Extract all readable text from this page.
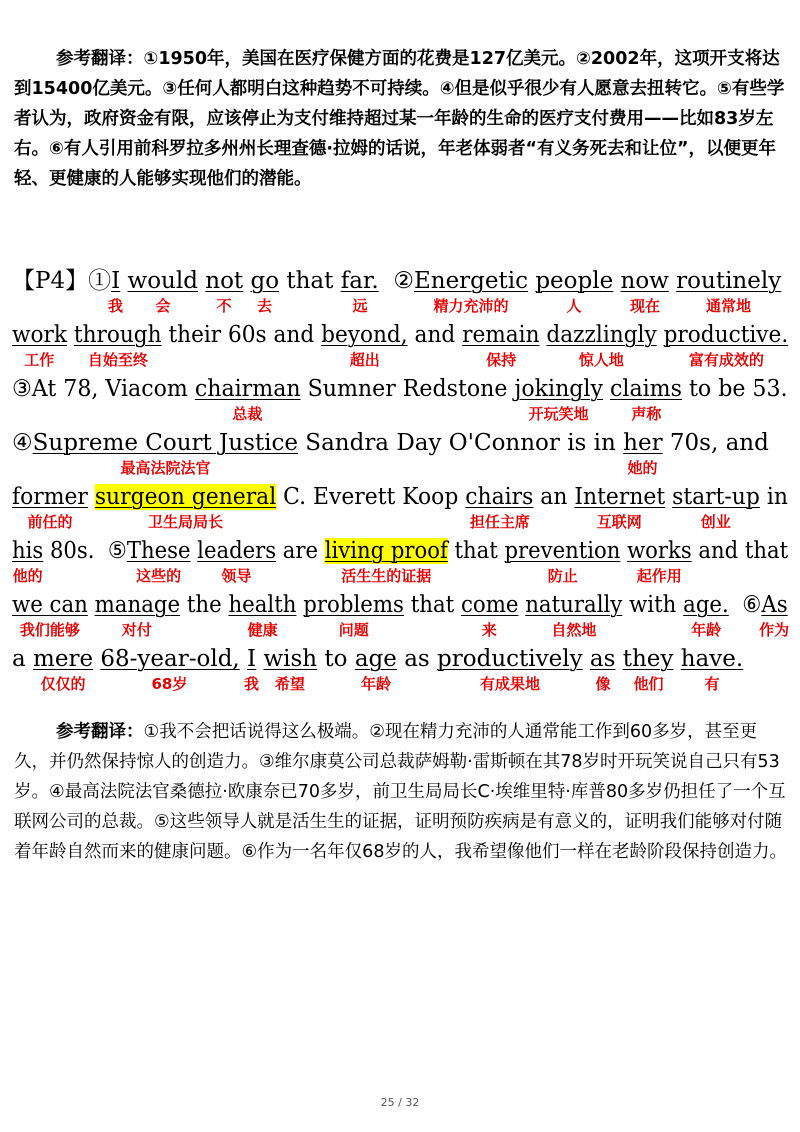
参考翻译：①1950年，美国在医疗保健方面的花费是127亿美元。②2002年，这项开支将达到15400亿美元。③任何人都明白这种趋势不可持续。④但是似乎很少有人愿意去扭转它。⑤有些学者认为，政府资金有限，应该停止为支付维持超过某一年龄的生命的医疗支付费用——比如83岁左右。⑥有人引用前科罗拉多州州长理查德·拉姆的话说，年老体弱者“有义务死去和让位”，以便更年轻、更健康的人能够实现他们的潜能。

【P4】①I would not go that far.  ②Energetic people now routinely
我 会	不 去	远	精力充沛的	人	现在	通常地
work through their 60s and beyond, and remain dazzlingly productive.
工作 自始至终	超出	保持	惊人地	富有成效的
③At 78, Viacom chairman Sumner Redstone jokingly claims to be 53.
总裁	开玩笑地	声称
④Supreme Court Justice Sandra Day O'Connor is in her 70s, and
最高法院法官	她的
former surgeon general C. Everett Koop chairs an Internet start-up in
前任的	卫生局局长	担任主席	互联网	创业
his 80s.  ⑤These leaders are living proof that prevention works and that
他的	这些的	领导	活生生的证据	防止	起作用
we can manage the health problems that come naturally with age.  ⑥As
我们能够	对付	健康	问题	来	自然地	年龄	作为
a mere 68-year-old, I wish to age as productively as they have.
仅仅的	68岁	我 希望	年龄	有成果地	像 他们	有

参考翻译：①我不会把话说得这么极端。②现在精力充沛的人通常能工作到60多岁，甚至更久，并仍然保持惊人的创造力。③维尔康莫公司总裁萨姆勒·雷斯顿在其78岁时开玩笑说自己只有53岁。④最高法院法官桑德拉·欧康奈已70多岁，前卫生局局长C·埃维里特·库普80多岁仍担任了一个互联网公司的总裁。⑤这些领导人就是活生生的证据，证明预防疾病是有意义的，证明我们能够对付随着年龄自然而来的健康问题。⑥作为一名年仅68岁的人，我希望像他们一样在老龄阶段保持创造力。

25 / 32
